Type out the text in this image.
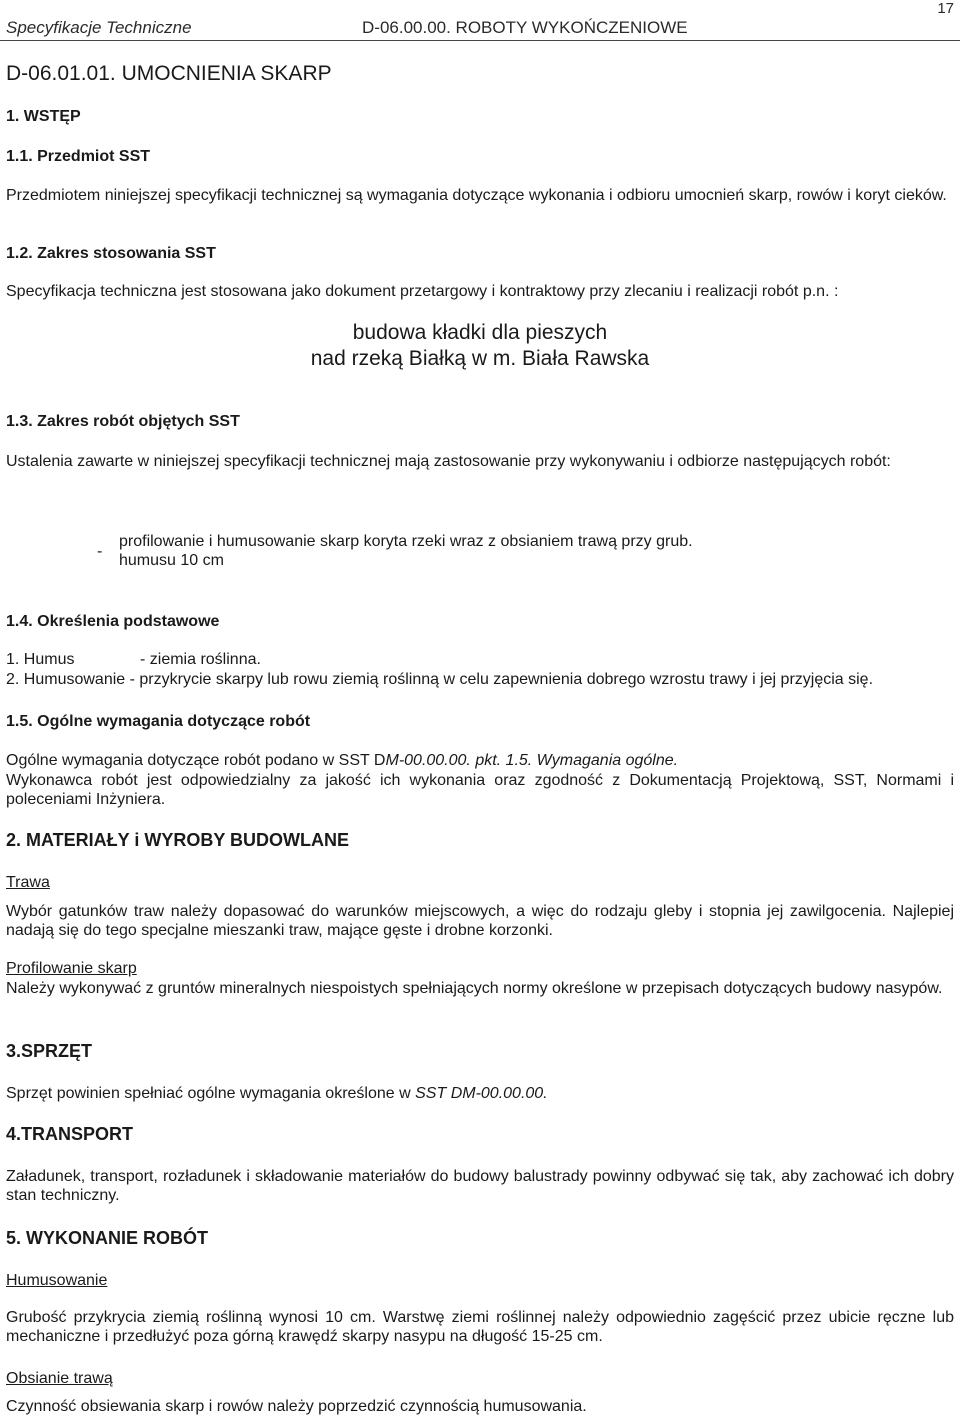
Specyfikacje Techniczne	D-06.00.00. ROBOTY WYKOŃCZENIOWE
17
D-06.01.01. UMOCNIENIA SKARP
1. WSTĘP
1.1. Przedmiot SST
Przedmiotem niniejszej specyfikacji technicznej są wymagania dotyczące wykonania i odbioru umocnień skarp, rowów i koryt cieków.
1.2. Zakres stosowania SST
Specyfikacja techniczna jest stosowana jako dokument przetargowy i kontraktowy przy zlecaniu i realizacji robót p.n. :
budowa kładki dla pieszych
nad rzeką Białką w m. Biała Rawska
1.3. Zakres robót objętych SST
Ustalenia zawarte w niniejszej specyfikacji technicznej mają zastosowanie przy wykonywaniu i odbiorze następujących robót:
-
profilowanie i humusowanie skarp koryta rzeki wraz z obsianiem trawą przy grub.
humusu 10 cm
1.4. Określenia podstawowe
1. Humus	- ziemia roślinna.
2. Humusowanie - przykrycie skarpy lub rowu ziemią roślinną w celu zapewnienia dobrego wzrostu trawy i jej przyjęcia się.
1.5. Ogólne wymagania dotyczące robót
Ogólne wymagania dotyczące robót podano w SST DM-00.00.00. pkt. 1.5. Wymagania ogólne.
Wykonawca robót jest odpowiedzialny za jakość ich wykonania oraz zgodność z Dokumentacją Projektową, SST, Normami i poleceniami Inżyniera.
2. MATERIAŁY i WYROBY BUDOWLANE
Trawa
Wybór gatunków traw należy dopasować do warunków miejscowych, a więc do rodzaju gleby i stopnia jej zawilgocenia. Najlepiej nadają się do tego specjalne mieszanki traw, mające gęste i drobne korzonki.
Profilowanie skarp
Należy wykonywać z gruntów mineralnych niespoistych spełniających normy określone w przepisach dotyczących budowy nasypów.
3.SPRZĘT
Sprzęt powinien spełniać ogólne wymagania określone w SST DM-00.00.00.
4.TRANSPORT
Załadunek, transport, rozładunek i składowanie materiałów do budowy balustrady powinny odbywać się tak, aby zachować ich dobry stan techniczny.
5. WYKONANIE ROBÓT
Humusowanie
Grubość przykrycia ziemią roślinną wynosi 10 cm. Warstwę ziemi roślinnej należy odpowiednio zagęścić przez ubicie ręczne lub mechaniczne i przedłużyć poza górną krawędź skarpy nasypu na długość 15-25 cm.
Obsianie trawą
Czynność obsiewania skarp i rowów należy poprzedzić czynnością humusowania.
